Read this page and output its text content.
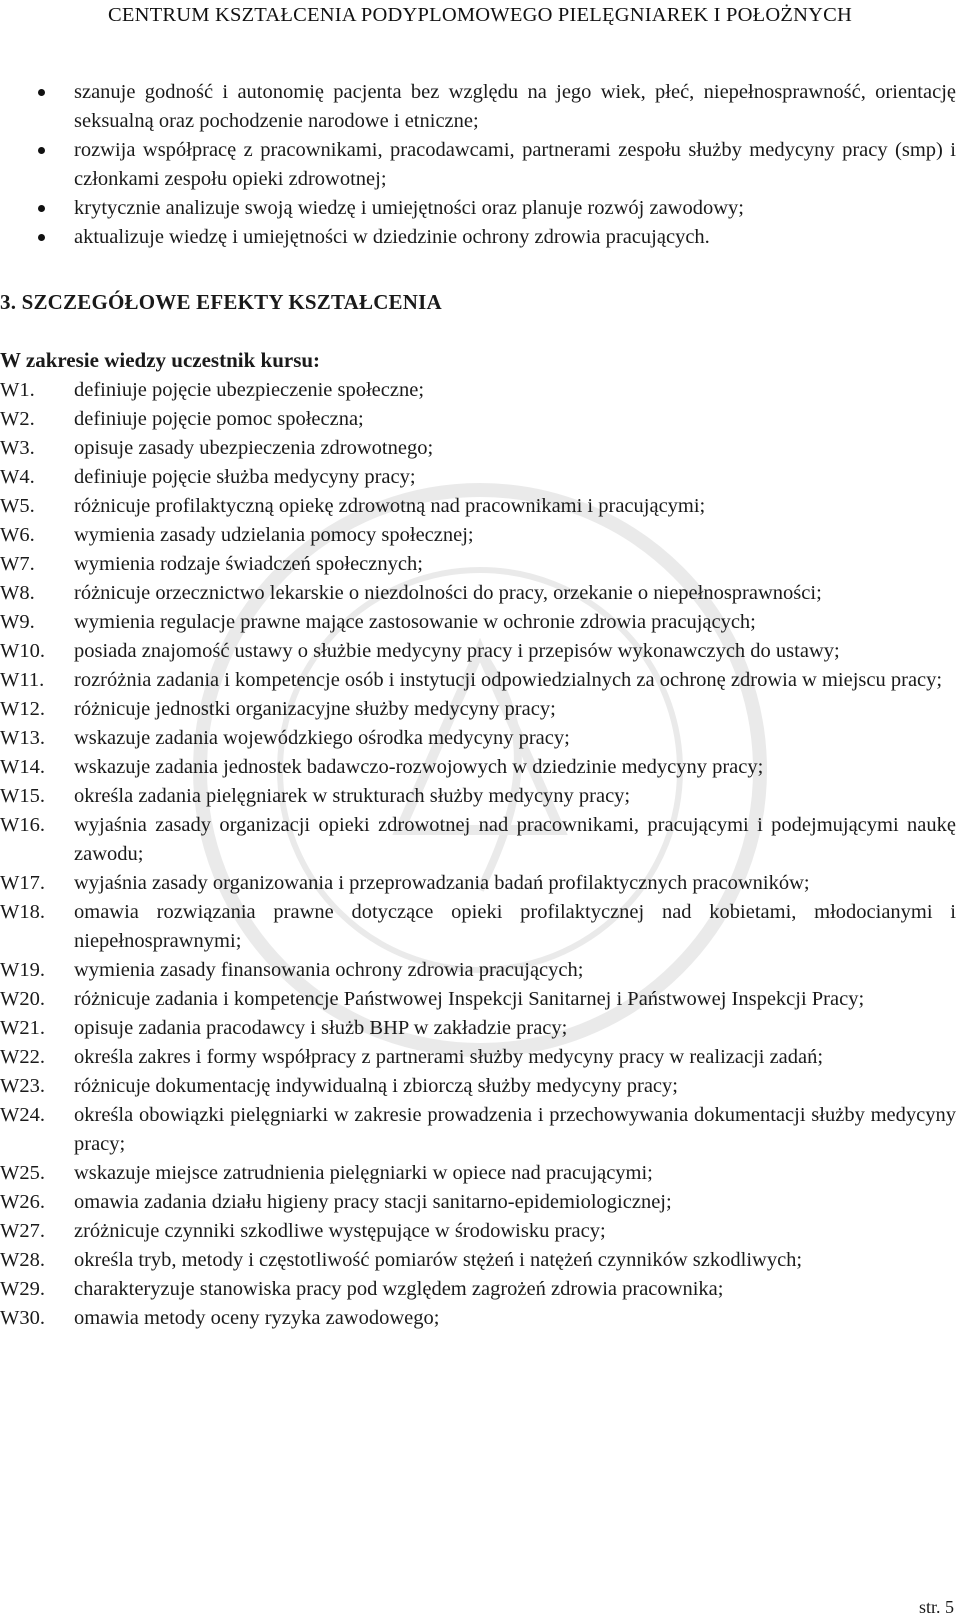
CENTRUM KSZTAŁCENIA PODYPLOMOWEGO PIELĘGNIAREK I POŁOŻNYCH
szanuje godność i autonomię pacjenta bez względu na jego wiek, płeć, niepełnosprawność, orientację seksualną oraz pochodzenie narodowe i etniczne;
rozwija współpracę z pracownikami, pracodawcami, partnerami zespołu służby medycyny pracy (smp) i członkami zespołu opieki zdrowotnej;
krytycznie analizuje swoją wiedzę i umiejętności oraz planuje rozwój zawodowy;
aktualizuje wiedzę i umiejętności w dziedzinie ochrony zdrowia pracujących.
3. SZCZEGÓŁOWE EFEKTY KSZTAŁCENIA
W zakresie wiedzy uczestnik kursu:
W1.	definiuje pojęcie ubezpieczenie społeczne;
W2.	definiuje pojęcie pomoc społeczna;
W3.	opisuje zasady ubezpieczenia zdrowotnego;
W4.	definiuje pojęcie służba medycyny pracy;
W5.	różnicuje profilaktyczną opiekę zdrowotną nad pracownikami i pracującymi;
W6.	wymienia zasady udzielania pomocy społecznej;
W7.	wymienia rodzaje świadczeń społecznych;
W8.	różnicuje orzecznictwo lekarskie o niezdolności do pracy, orzekanie o niepełnosprawności;
W9.	wymienia regulacje prawne mające zastosowanie w ochronie zdrowia pracujących;
W10.	posiada znajomość ustawy o służbie medycyny pracy i przepisów wykonawczych do ustawy;
W11.	rozróżnia zadania i kompetencje osób i instytucji odpowiedzialnych za ochronę zdrowia w miejscu pracy;
W12.	różnicuje jednostki organizacyjne służby medycyny pracy;
W13.	wskazuje zadania wojewódzkiego ośrodka medycyny pracy;
W14.	wskazuje zadania jednostek badawczo-rozwojowych w dziedzinie medycyny pracy;
W15.	określa zadania pielęgniarek w strukturach służby medycyny pracy;
W16.	wyjaśnia zasady organizacji opieki zdrowotnej nad pracownikami, pracującymi i podejmującymi naukę zawodu;
W17.	wyjaśnia zasady organizowania i przeprowadzania badań profilaktycznych pracowników;
W18.	omawia rozwiązania prawne dotyczące opieki profilaktycznej nad kobietami, młodocianymi i niepełnosprawnymi;
W19.	wymienia zasady finansowania ochrony zdrowia pracujących;
W20.	różnicuje zadania i kompetencje Państwowej Inspekcji Sanitarnej i Państwowej Inspekcji Pracy;
W21.	opisuje zadania pracodawcy i służb BHP w zakładzie pracy;
W22.	określa zakres i formy współpracy z partnerami służby medycyny pracy w realizacji zadań;
W23.	różnicuje dokumentację indywidualną i zbiorczą służby medycyny pracy;
W24.	określa obowiązki pielęgniarki w zakresie prowadzenia i przechowywania dokumentacji służby medycyny pracy;
W25.	wskazuje miejsce zatrudnienia pielęgniarki w opiece nad pracującymi;
W26.	omawia zadania działu higieny pracy stacji sanitarno-epidemiologicznej;
W27.	zróżnicuje czynniki szkodliwe występujące w środowisku pracy;
W28.	określa tryb, metody i częstotliwość pomiarów stężeń i natężeń czynników szkodliwych;
W29.	charakteryzuje stanowiska pracy pod względem zagrożeń zdrowia pracownika;
W30.	omawia metody oceny ryzyka zawodowego;
str. 5
